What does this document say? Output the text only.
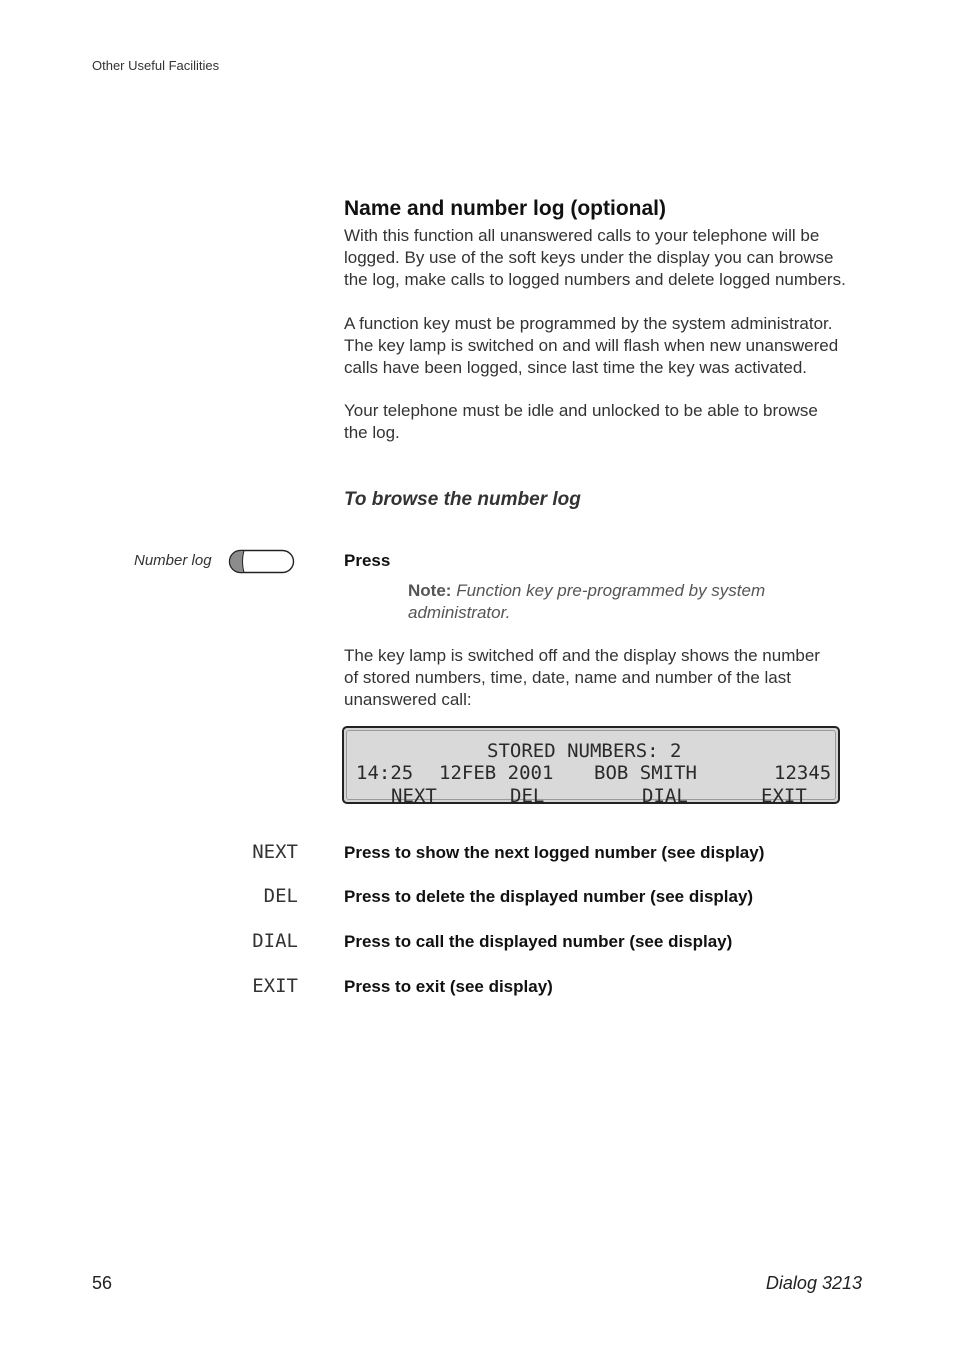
Other Useful Facilities
Name and number log (optional)
With this function all unanswered calls to your telephone will be
logged. By use of the soft keys under the display you can browse
the log, make calls to logged numbers and delete logged numbers.
A function key must be programmed by the system administrator.
The key lamp is switched on and will flash when new unanswered
calls have been logged, since last time the key was activated.
Your telephone must be idle and unlocked to be able to browse
the log.
To browse the number log
Number log	Press
Note: Function key pre-programmed by system administrator.
The key lamp is switched off and the display shows the number
of stored numbers, time, date, name and number of the last
unanswered call:
STORED NUMBERS: 2
14:25 12FEB 2001 BOB SMITH	12345
NEXT	DEL	DIAL	EXIT
NEXT	Press to show the next logged number (see display)
DEL	Press to delete the displayed number (see display)
DIAL	Press to call the displayed number (see display)
EXIT	Press to exit (see display)
56	Dialog 3213
